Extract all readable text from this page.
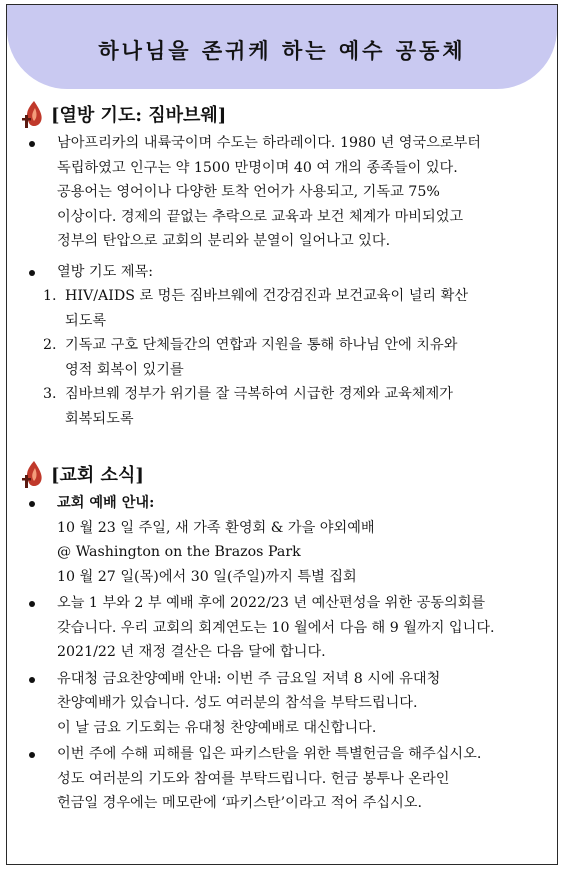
하나님을 존귀케 하는 예수 공동체
[열방 기도: 짐바브웨]
남아프리카의 내륙국이며 수도는 하라레이다. 1980 년 영국으로부터
독립하였고 인구는 약 1500 만명이며 40 여 개의 종족들이 있다.
공용어는 영어이나 다양한 토착 언어가 사용되고, 기독교 75%
이상이다. 경제의 끝없는 추락으로 교육과 보건 체계가 마비되었고
정부의 탄압으로 교회의 분리와 분열이 일어나고 있다.
열방 기도 제목:
1. HIV/AIDS 로 멍든 짐바브웨에 건강검진과 보건교육이 널리 확산
되도록
2. 기독교 구호 단체들간의 연합과 지원을 통해 하나님 안에 치유와
영적 회복이 있기를
3. 짐바브웨 정부가 위기를 잘 극복하여 시급한 경제와 교육체제가
회복되도록
[교회 소식]
교회 예배 안내:
10 월 23 일 주일, 새 가족 환영회 & 가을 야외예배
@ Washington on the Brazos Park
10 월 27 일(목)에서 30 일(주일)까지 특별 집회
오늘 1 부와 2 부 예배 후에 2022/23 년 예산편성을 위한 공동의회를
갖습니다. 우리 교회의 회계연도는 10 월에서 다음 해 9 월까지 입니다.
2021/22 년 재정 결산은 다음 달에 합니다.
유대청 금요찬양예배 안내: 이번 주 금요일 저녁 8 시에 유대청
찬양예배가 있습니다. 성도 여러분의 참석을 부탁드립니다.
이 날 금요 기도회는 유대청 찬양예배로 대신합니다.
이번 주에 수해 피해를 입은 파키스탄을 위한 특별헌금을 해주십시오.
성도 여러분의 기도와 참여를 부탁드립니다. 헌금 봉투나 온라인
헌금일 경우에는 메모란에 ‘파키스탄’이라고 적어 주십시오.
